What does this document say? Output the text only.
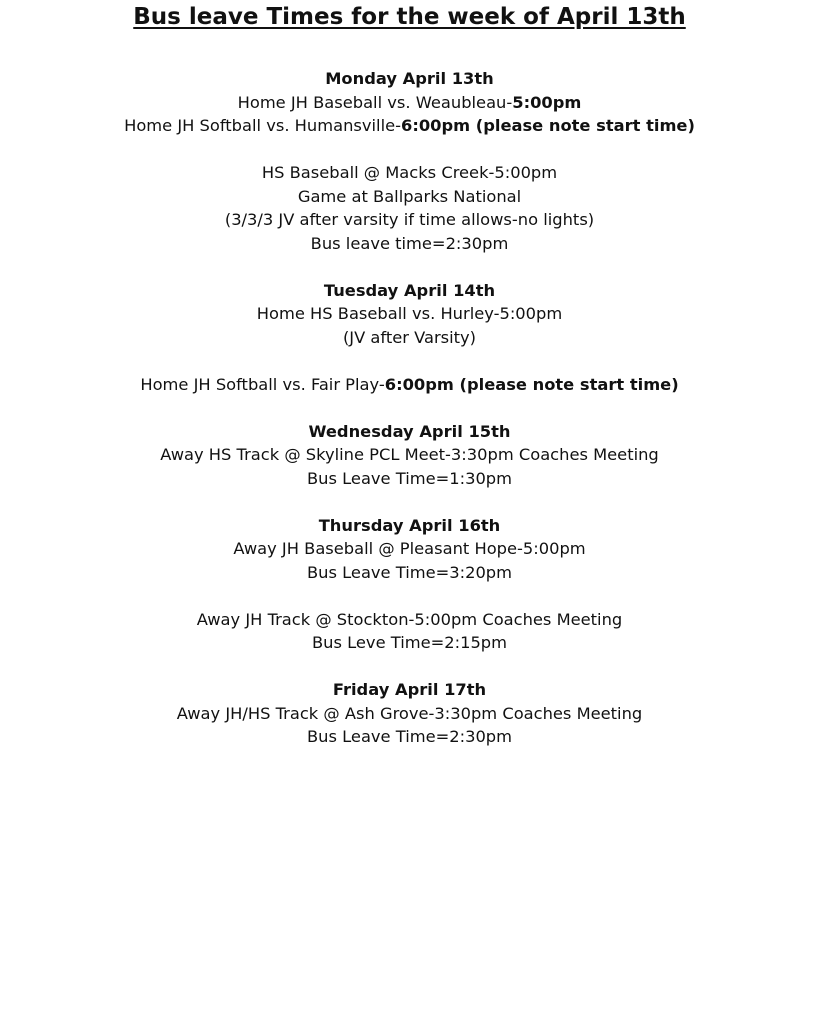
Bus leave Times for the week of April 13th
Monday April 13th
Home JH Baseball vs. Weaubleau-5:00pm
Home JH Softball vs. Humansville-6:00pm (please note start time)
HS Baseball @ Macks Creek-5:00pm
Game at Ballparks National
(3/3/3 JV after varsity if time allows-no lights)
Bus leave time=2:30pm
Tuesday April 14th
Home HS Baseball vs. Hurley-5:00pm
(JV after Varsity)
Home JH Softball vs. Fair Play-6:00pm (please note start time)
Wednesday April 15th
Away HS Track @ Skyline PCL Meet-3:30pm Coaches Meeting
Bus Leave Time=1:30pm
Thursday April 16th
Away JH Baseball @ Pleasant Hope-5:00pm
Bus Leave Time=3:20pm
Away JH Track @ Stockton-5:00pm Coaches Meeting
Bus Leve Time=2:15pm
Friday April 17th
Away JH/HS Track @ Ash Grove-3:30pm Coaches Meeting
Bus Leave Time=2:30pm
